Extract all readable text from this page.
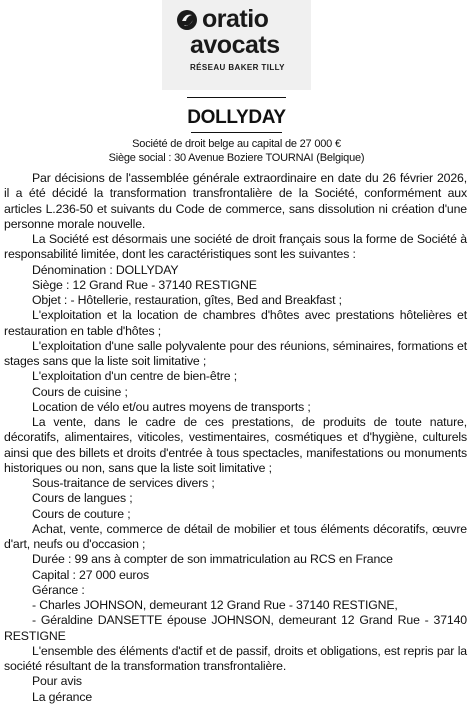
oratio
avocats
RÉSEAU BAKER TILLY
DOLLYDAY
Société de droit belge au capital de 27 000 €
Siège social : 30 Avenue Boziere TOURNAI (Belgique)

Par décisions de l'assemblée générale extraordinaire en date du 26 février 2026, il a été décidé la transformation transfrontalière de la Société, conformément aux articles L.236-50 et suivants du Code de commerce, sans dissolution ni création d'une personne morale nouvelle.

La Société est désormais une société de droit français sous la forme de Société à responsabilité limitée, dont les caractéristiques sont les suivantes :

Dénomination : DOLLYDAY

Siège : 12 Grand Rue - 37140 RESTIGNE

Objet : - Hôtellerie, restauration, gîtes, Bed and Breakfast ;

L'exploitation et la location de chambres d'hôtes avec prestations hôtelières et restauration en table d'hôtes ;

L'exploitation d'une salle polyvalente pour des réunions, séminaires, formations et stages sans que la liste soit limitative ;

L'exploitation d'un centre de bien-être ;

Cours de cuisine ;

Location de vélo et/ou autres moyens de transports ;

La vente, dans le cadre de ces prestations, de produits de toute nature, décoratifs, alimentaires, viticoles, vestimentaires, cosmétiques et d'hygiène, culturels ainsi que des billets et droits d'entrée à tous spectacles, manifestations ou monuments historiques ou non, sans que la liste soit limitative ;

Sous-traitance de services divers ;

Cours de langues ;

Cours de couture ;

Achat, vente, commerce de détail de mobilier et tous éléments décoratifs, œuvre d'art, neufs ou d'occasion ;

Durée : 99 ans à compter de son immatriculation au RCS en France

Capital : 27 000 euros

Gérance :

- Charles JOHNSON, demeurant 12 Grand Rue - 37140 RESTIGNE,

- Géraldine DANSETTE épouse JOHNSON, demeurant 12 Grand Rue - 37140 RESTIGNE

L'ensemble des éléments d'actif et de passif, droits et obligations, est repris par la société résultant de la transformation transfrontalière.

Pour avis

La gérance
